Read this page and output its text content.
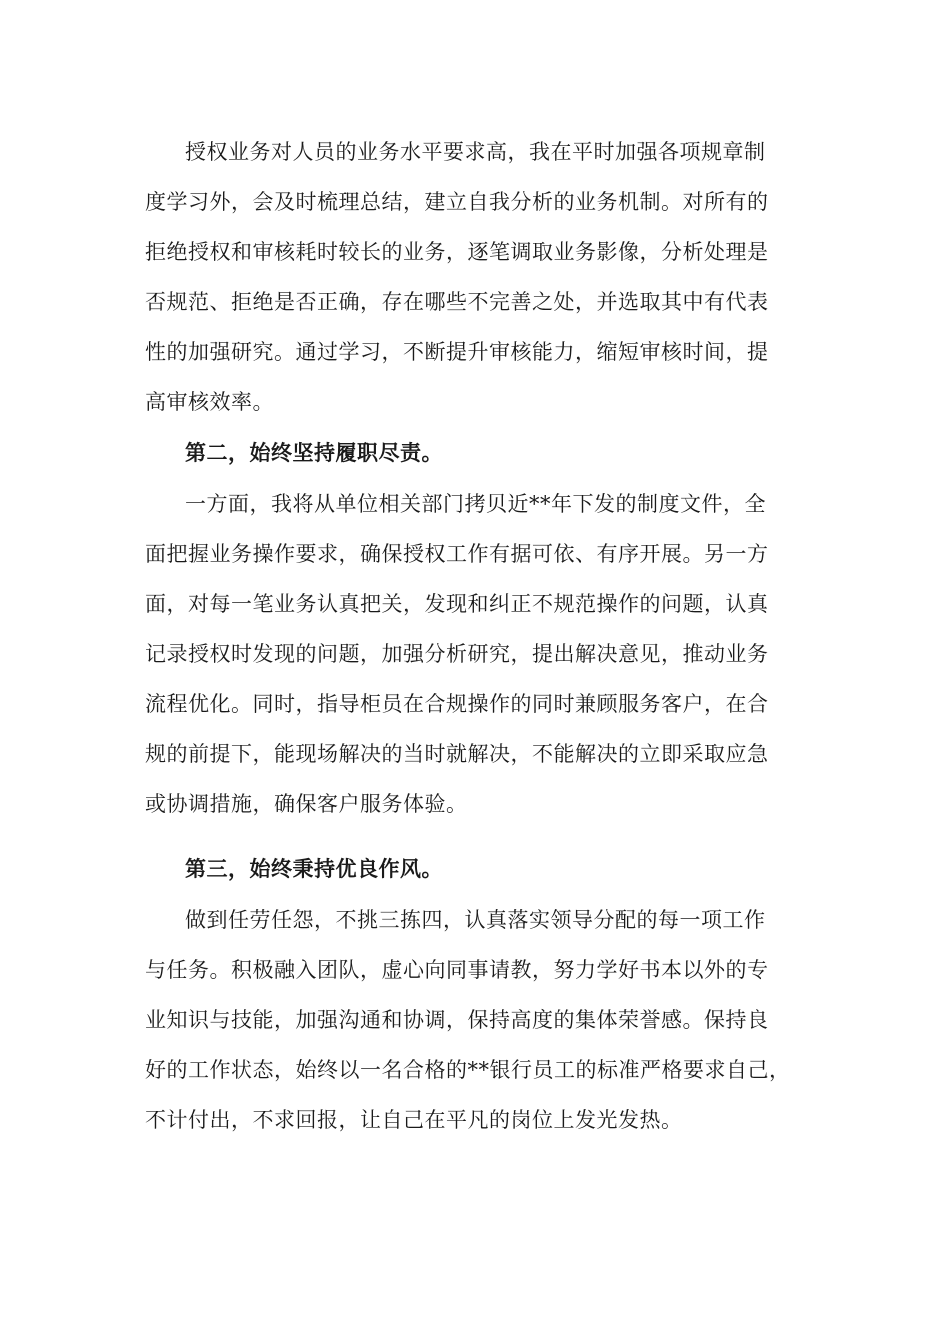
授权业务对人员的业务水平要求高，我在平时加强各项规章制
度学习外，会及时梳理总结，建立自我分析的业务机制。对所有的
拒绝授权和审核耗时较长的业务，逐笔调取业务影像，分析处理是
否规范、拒绝是否正确，存在哪些不完善之处，并选取其中有代表
性的加强研究。通过学习，不断提升审核能力，缩短审核时间，提
高审核效率。
第二，始终坚持履职尽责。
一方面，我将从单位相关部门拷贝近**年下发的制度文件，全
面把握业务操作要求，确保授权工作有据可依、有序开展。另一方
面，对每一笔业务认真把关，发现和纠正不规范操作的问题，认真
记录授权时发现的问题，加强分析研究，提出解决意见，推动业务
流程优化。同时，指导柜员在合规操作的同时兼顾服务客户，在合
规的前提下，能现场解决的当时就解决，不能解决的立即采取应急
或协调措施，确保客户服务体验。
第三，始终秉持优良作风。
做到任劳任怨，不挑三拣四，认真落实领导分配的每一项工作
与任务。积极融入团队，虚心向同事请教，努力学好书本以外的专
业知识与技能，加强沟通和协调，保持高度的集体荣誉感。保持良
好的工作状态，始终以一名合格的**银行员工的标准严格要求自己，
不计付出，不求回报，让自己在平凡的岗位上发光发热。
